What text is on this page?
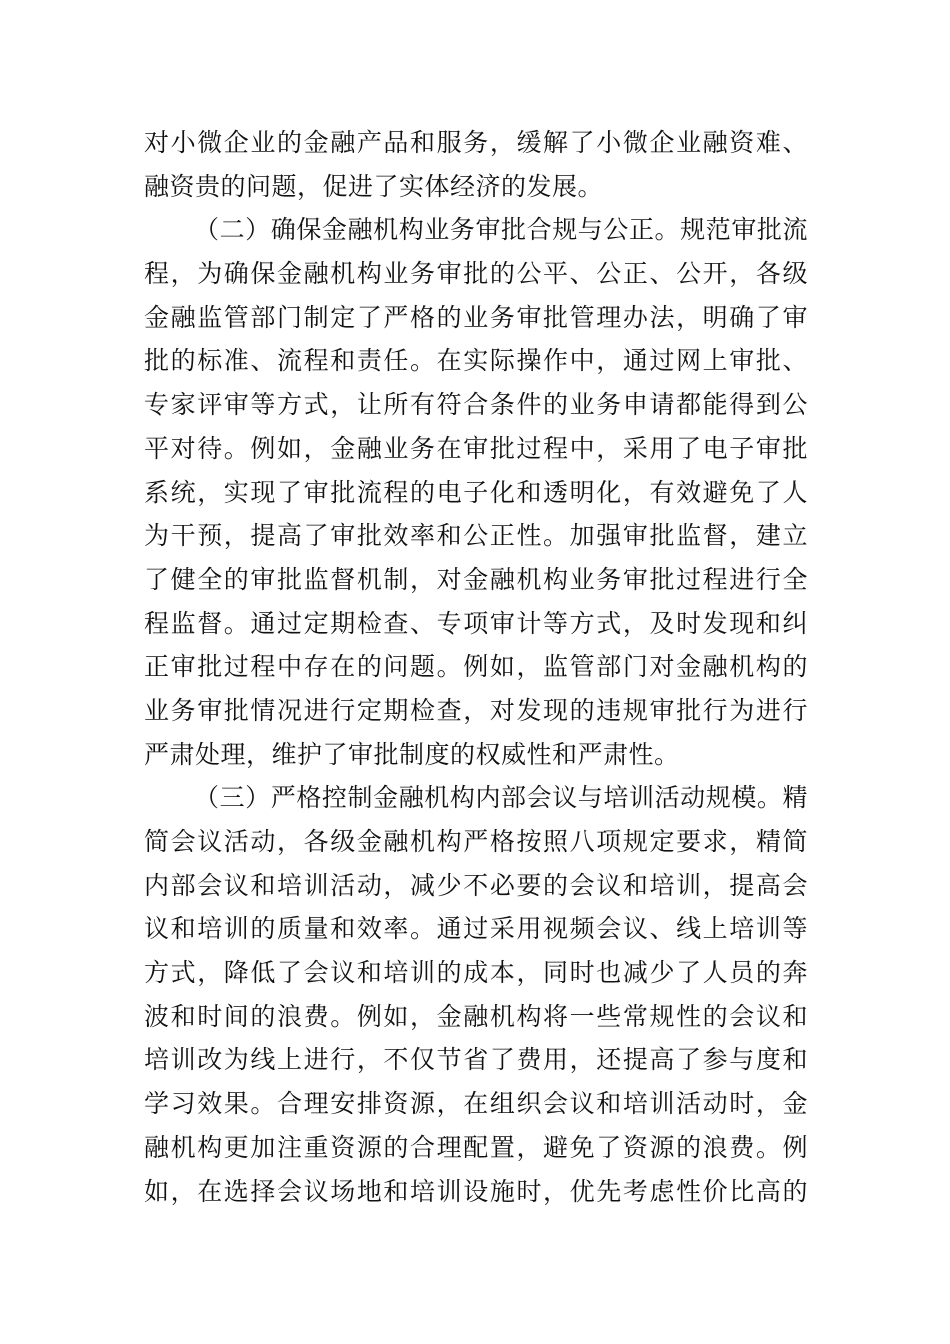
对小微企业的金融产品和服务，缓解了小微企业融资难、
融资贵的问题，促进了实体经济的发展。
（二）确保金融机构业务审批合规与公正。规范审批流
程，为确保金融机构业务审批的公平、公正、公开，各级
金融监管部门制定了严格的业务审批管理办法，明确了审
批的标准、流程和责任。在实际操作中，通过网上审批、
专家评审等方式，让所有符合条件的业务申请都能得到公
平对待。例如，金融业务在审批过程中，采用了电子审批
系统，实现了审批流程的电子化和透明化，有效避免了人
为干预，提高了审批效率和公正性。加强审批监督，建立
了健全的审批监督机制，对金融机构业务审批过程进行全
程监督。通过定期检查、专项审计等方式，及时发现和纠
正审批过程中存在的问题。例如，监管部门对金融机构的
业务审批情况进行定期检查，对发现的违规审批行为进行
严肃处理，维护了审批制度的权威性和严肃性。
（三）严格控制金融机构内部会议与培训活动规模。精
简会议活动，各级金融机构严格按照八项规定要求，精简
内部会议和培训活动，减少不必要的会议和培训，提高会
议和培训的质量和效率。通过采用视频会议、线上培训等
方式，降低了会议和培训的成本，同时也减少了人员的奔
波和时间的浪费。例如，金融机构将一些常规性的会议和
培训改为线上进行，不仅节省了费用，还提高了参与度和
学习效果。合理安排资源，在组织会议和培训活动时，金
融机构更加注重资源的合理配置，避免了资源的浪费。例
如，在选择会议场地和培训设施时，优先考虑性价比高的
